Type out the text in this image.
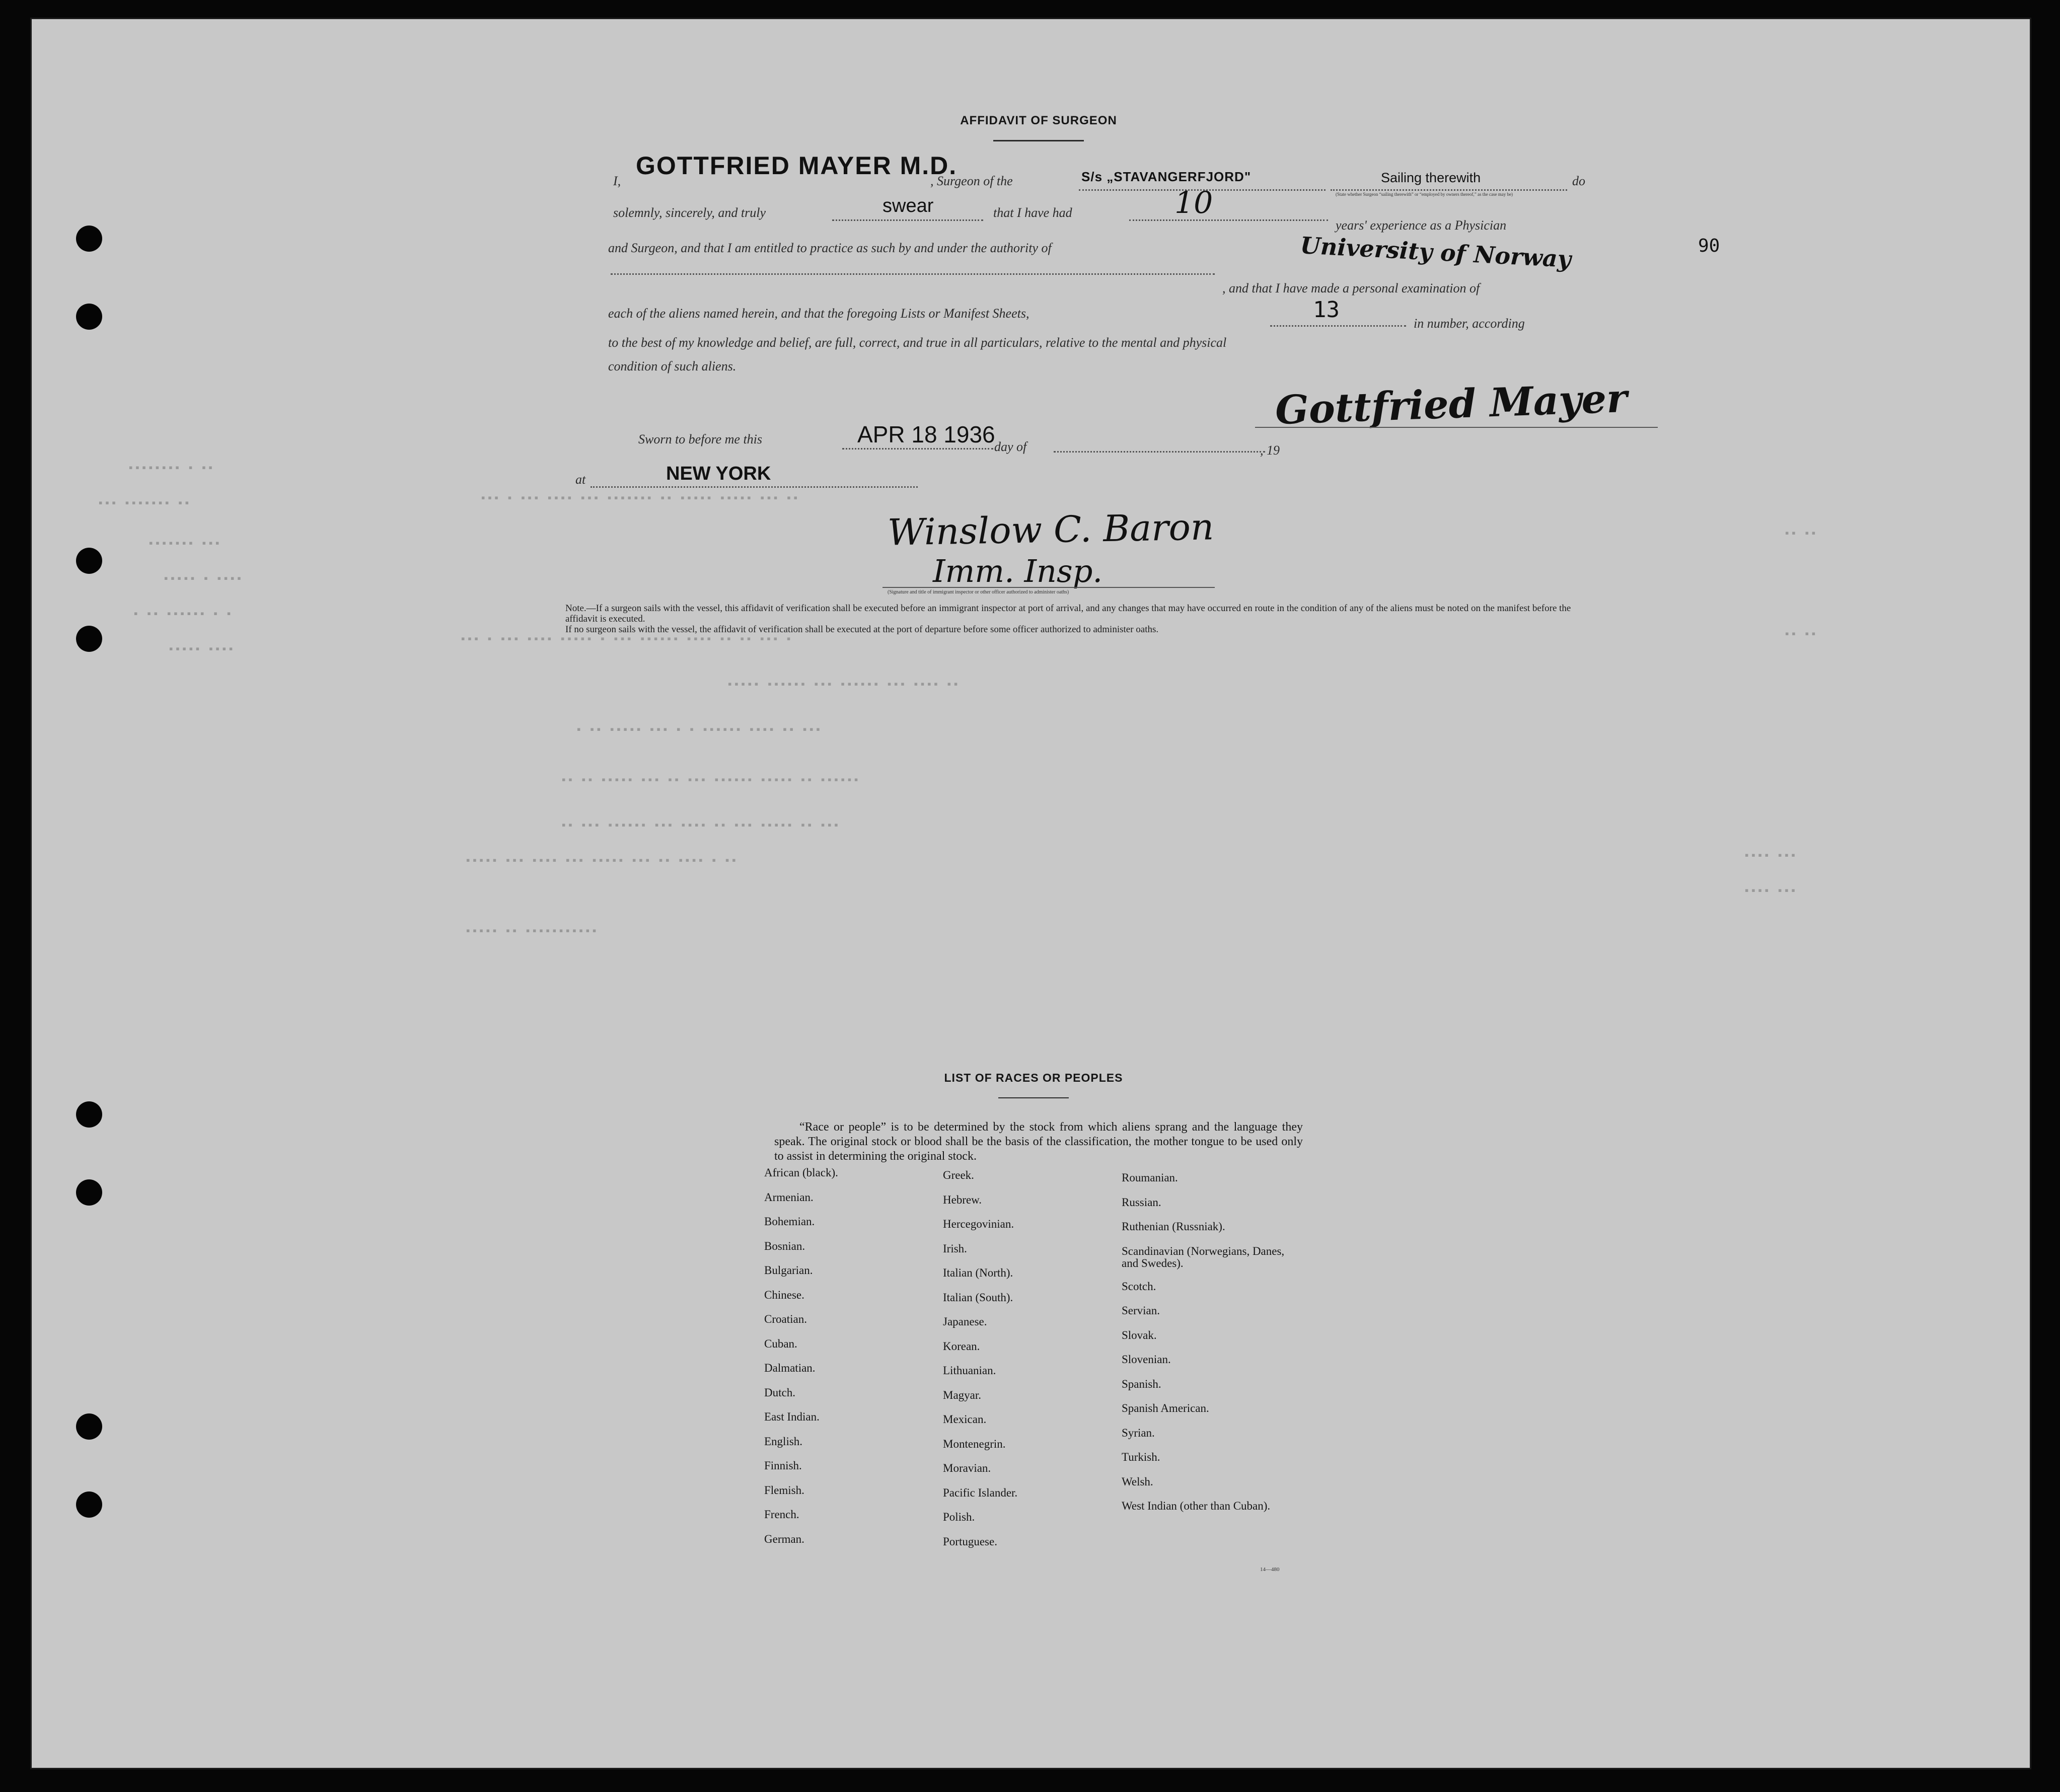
▪▪▪▪▪▪▪▪ ▪ ▪▪
▪▪▪ ▪▪▪▪▪▪▪ ▪▪
▪▪▪▪▪▪▪ ▪▪▪
▪▪▪▪▪ ▪ ▪▪▪▪
▪ ▪▪ ▪▪▪▪▪▪ ▪ ▪
▪▪▪▪▪ ▪▪▪▪
▪▪▪ ▪ ▪▪▪ ▪▪▪▪ ▪▪▪ ▪▪▪▪▪▪▪ ▪▪ ▪▪▪▪▪ ▪▪▪▪▪ ▪▪▪ ▪▪
▪▪▪ ▪ ▪▪▪ ▪▪▪▪ ▪▪▪▪▪ ▪ ▪▪▪ ▪▪▪▪▪▪ ▪▪▪▪ ▪▪ ▪▪ ▪▪▪ ▪
▪▪▪▪▪ ▪▪▪▪▪▪ ▪▪▪ ▪▪▪▪▪▪ ▪▪▪ ▪▪▪▪ ▪▪
▪ ▪▪ ▪▪▪▪▪ ▪▪▪ ▪ ▪ ▪▪▪▪▪▪ ▪▪▪▪ ▪▪ ▪▪▪
▪▪ ▪▪ ▪▪▪▪▪ ▪▪▪ ▪▪ ▪▪▪ ▪▪▪▪▪▪ ▪▪▪▪▪ ▪▪ ▪▪▪▪▪▪
▪▪ ▪▪▪ ▪▪▪▪▪▪ ▪▪▪ ▪▪▪▪ ▪▪ ▪▪▪ ▪▪▪▪▪ ▪▪ ▪▪▪
▪▪▪▪▪ ▪▪▪ ▪▪▪▪ ▪▪▪ ▪▪▪▪▪ ▪▪▪ ▪▪ ▪▪▪▪ ▪ ▪▪
▪▪▪▪▪ ▪▪ ▪▪▪▪▪▪▪▪▪▪▪
▪▪ ▪▪
▪▪ ▪▪
▪▪▪▪ ▪▪▪
▪▪▪▪ ▪▪▪
AFFIDAVIT OF SURGEON
I,
GOTTFRIED MAYER M.D.
, Surgeon of the	S/s „STAVANGERFJORD"	Sailing therewith
(State whether Surgeon “sailing therewith” or “employed by owners thereof,” as the case may be)
do
solemnly, sincerely, and truly	swear	that I have had	10
years' experience as a Physician
and Surgeon, and that I am entitled to practice as such by and under the authority of	University of Norway
, and that I have made a personal examination of
each of the aliens named herein, and that the foregoing Lists or Manifest Sheets,	13
in number, according
to the best of my knowledge and belief, are full, correct, and true in all particulars, relative to the mental and physical
condition of such aliens.
Gottfried Mayer
Sworn to before me this	APR 18 1936
day of	, 19
at	NEW YORK
Winslow C. Baron
Imm. Insp.
(Signature and title of immigrant inspector or other officer authorized to administer oaths)
Note.—If a surgeon sails with the vessel, this affidavit of verification shall be executed before an immigrant inspector at port of arrival, and any changes that may have occurred en route in the condition of any of the aliens must be noted on the manifest before the affidavit is executed.
If no surgeon sails with the vessel, the affidavit of verification shall be executed at the port of departure before some officer authorized to administer oaths.
90
LIST OF RACES OR PEOPLES
“Race or people” is to be determined by the stock from which aliens sprang and the language they speak. The original stock or blood shall be the basis of the classification, the mother tongue to be used only to assist in determining the original stock.
African (black).
Armenian.
Bohemian.
Bosnian.
Bulgarian.
Chinese.
Croatian.
Cuban.
Dalmatian.
Dutch.
East Indian.
English.
Finnish.
Flemish.
French.
German.
Greek.
Hebrew.
Hercegovinian.
Irish.
Italian (North).
Italian (South).
Japanese.
Korean.
Lithuanian.
Magyar.
Mexican.
Montenegrin.
Moravian.
Pacific Islander.
Polish.
Portuguese.
Roumanian.
Russian.
Ruthenian (Russniak).
Scandinavian (Norwegians, Danes, and Swedes).
Scotch.
Servian.
Slovak.
Slovenian.
Spanish.
Spanish American.
Syrian.
Turkish.
Welsh.
West Indian (other than Cuban).
14—480
